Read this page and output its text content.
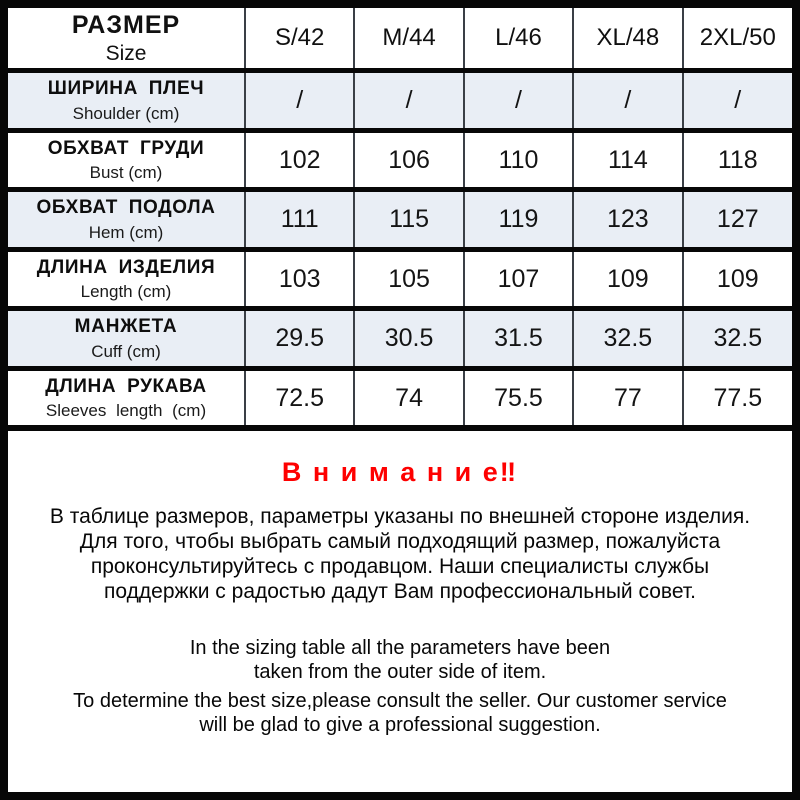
РАЗМЕР
Size	S/42	M/44	L/46	XL/48	2XL/50

ШИРИНА ПЛЕЧ
Shoulder (cm)	/	/	/	/	/

ОБХВАТ ГРУДИ
Bust (cm)	102	106	110	114	118

ОБХВАТ ПОДОЛА
Hem (cm)	111	115	119	123	127

ДЛИНА ИЗДЕЛИЯ
Length (cm)	103	105	107	109	109

МАНЖЕТА
Cuff (cm)	29.5	30.5	31.5	32.5	32.5

ДЛИНА РУКАВА
Sleeves length (cm)	72.5	74	75.5	77	77.5
В н и м а н и е‼
В таблице размеров, параметры указаны по внешней стороне изделия.
Для того, чтобы выбрать самый подходящий размер, пожалуйста
проконсультируйтесь с продавцом. Наши специалисты службы
поддержки с радостью дадут Вам профессиональный совет.
In the sizing table all the parameters have been
taken from the outer side of item.
To determine the best size,please consult the seller. Our customer service
will be glad to give a professional suggestion.
